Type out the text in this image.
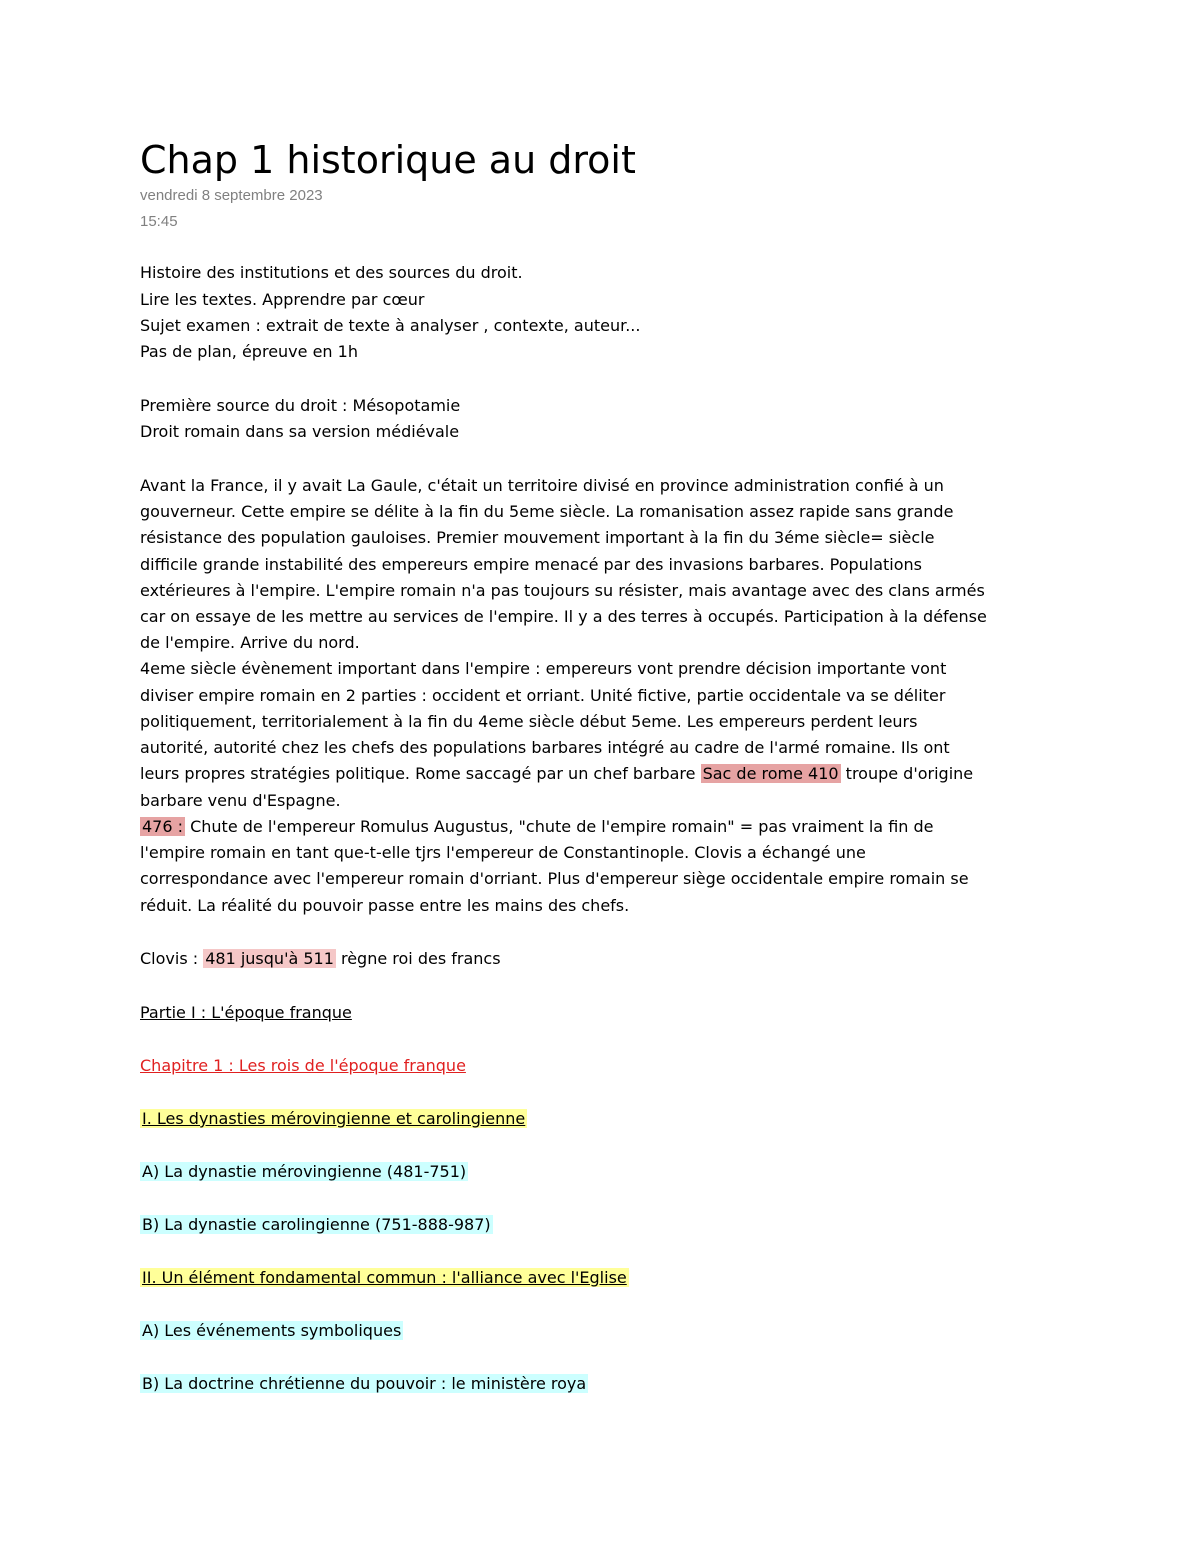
Chap 1 historique au droit
vendredi 8 septembre 2023
15:45
Histoire des institutions et des sources du droit.
Lire les textes. Apprendre par cœur
Sujet examen : extrait de texte à analyser , contexte, auteur...
Pas de plan, épreuve en 1h
Première source du droit : Mésopotamie
Droit romain dans sa version médiévale
Avant la France, il y avait La Gaule, c'était un territoire divisé en province administration confié à un
gouverneur. Cette empire se délite à la fin du 5eme siècle. La romanisation assez rapide sans grande
résistance des population gauloises. Premier mouvement important à la fin du 3éme siècle= siècle
difficile grande instabilité des empereurs empire menacé par des invasions barbares. Populations
extérieures à l'empire. L'empire romain n'a pas toujours su résister, mais avantage avec des clans armés
car on essaye de les mettre au services de l'empire. Il y a des terres à occupés. Participation à la défense
de l'empire. Arrive du nord.
4eme siècle évènement important dans l'empire : empereurs vont prendre décision importante vont
diviser empire romain en 2 parties : occident et orriant. Unité fictive, partie occidentale va se déliter
politiquement, territorialement à la fin du 4eme siècle début 5eme. Les empereurs perdent leurs
autorité, autorité chez les chefs des populations barbares intégré au cadre de l'armé romaine. Ils ont
leurs propres stratégies politique. Rome saccagé par un chef barbare Sac de rome 410 troupe d'origine
barbare venu d'Espagne.
476 : Chute de l'empereur Romulus Augustus, "chute de l'empire romain" = pas vraiment la fin de
l'empire romain en tant que-t-elle tjrs l'empereur de Constantinople. Clovis a échangé une
correspondance avec l'empereur romain d'orriant. Plus d'empereur siège occidentale empire romain se
réduit. La réalité du pouvoir passe entre les mains des chefs.
Clovis : 481 jusqu'à 511 règne roi des francs
Partie I : L'époque franque
Chapitre 1 : Les rois de l'époque franque
I. Les dynasties mérovingienne et carolingienne
A) La dynastie mérovingienne (481-751)
B) La dynastie carolingienne (751-888-987)
II. Un élément fondamental commun : l'alliance avec l'Eglise
A) Les événements symboliques
B) La doctrine chrétienne du pouvoir : le ministère roya
